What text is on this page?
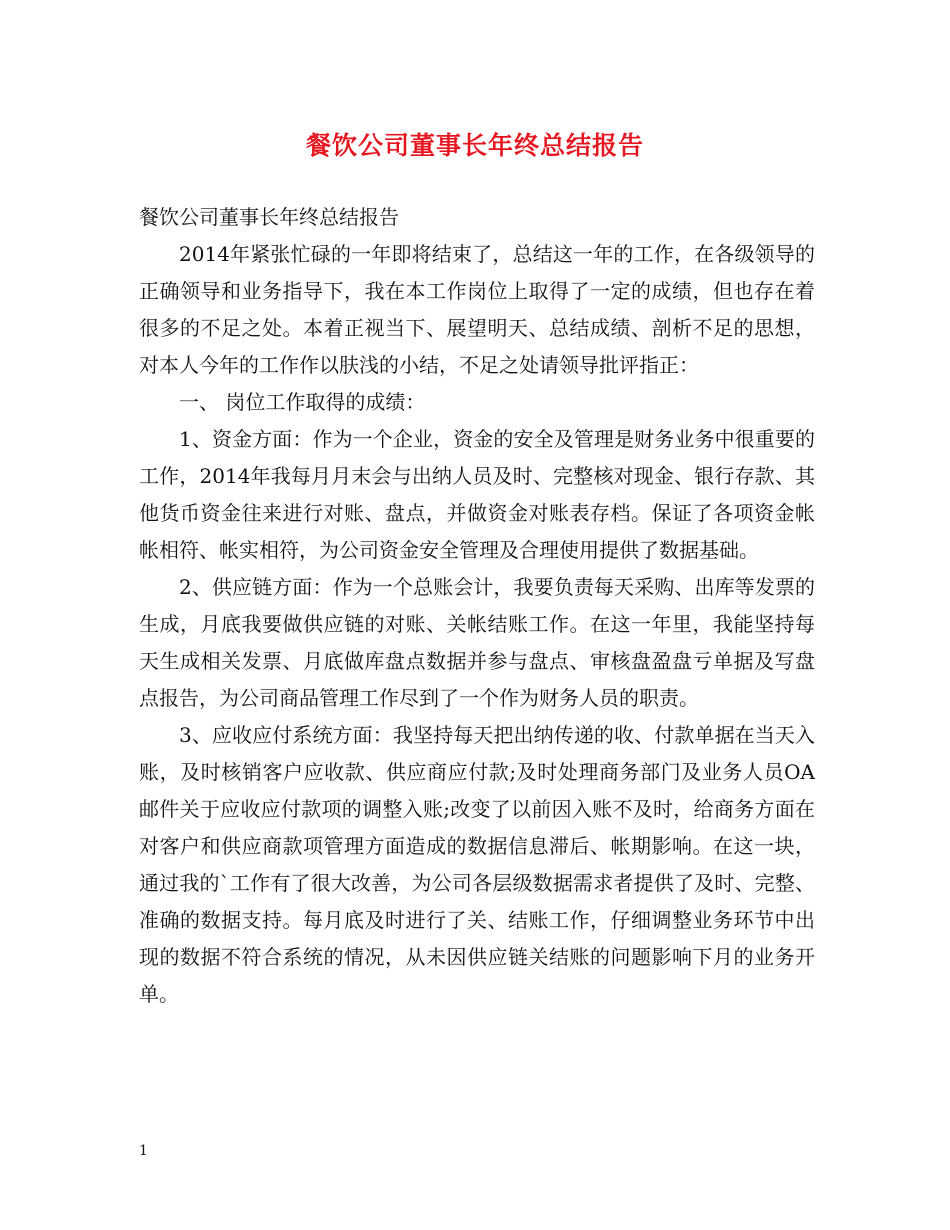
餐饮公司董事长年终总结报告

餐饮公司董事长年终总结报告

2014年紧张忙碌的一年即将结束了，总结这一年的工作，在各级领导的正确领导和业务指导下，我在本工作岗位上取得了一定的成绩，但也存在着很多的不足之处。本着正视当下、展望明天、总结成绩、剖析不足的思想，对本人今年的工作作以肤浅的小结，不足之处请领导批评指正：

一、 岗位工作取得的成绩：

1、资金方面：作为一个企业，资金的安全及管理是财务业务中很重要的工作，2014年我每月月末会与出纳人员及时、完整核对现金、银行存款、其他货币资金往来进行对账、盘点，并做资金对账表存档。保证了各项资金帐帐相符、帐实相符，为公司资金安全管理及合理使用提供了数据基础。

2、供应链方面：作为一个总账会计，我要负责每天采购、出库等发票的生成，月底我要做供应链的对账、关帐结账工作。在这一年里，我能坚持每天生成相关发票、月底做库盘点数据并参与盘点、审核盘盈盘亏单据及写盘点报告，为公司商品管理工作尽到了一个作为财务人员的职责。

3、应收应付系统方面：我坚持每天把出纳传递的收、付款单据在当天入账，及时核销客户应收款、供应商应付款;及时处理商务部门及业务人员OA邮件关于应收应付款项的调整入账;改变了以前因入账不及时，给商务方面在对客户和供应商款项管理方面造成的数据信息滞后、帐期影响。在这一块，通过我的`工作有了很大改善，为公司各层级数据需求者提供了及时、完整、准确的数据支持。每月底及时进行了关、结账工作，仔细调整业务环节中出现的数据不符合系统的情况，从未因供应链关结账的问题影响下月的业务开单。

1
